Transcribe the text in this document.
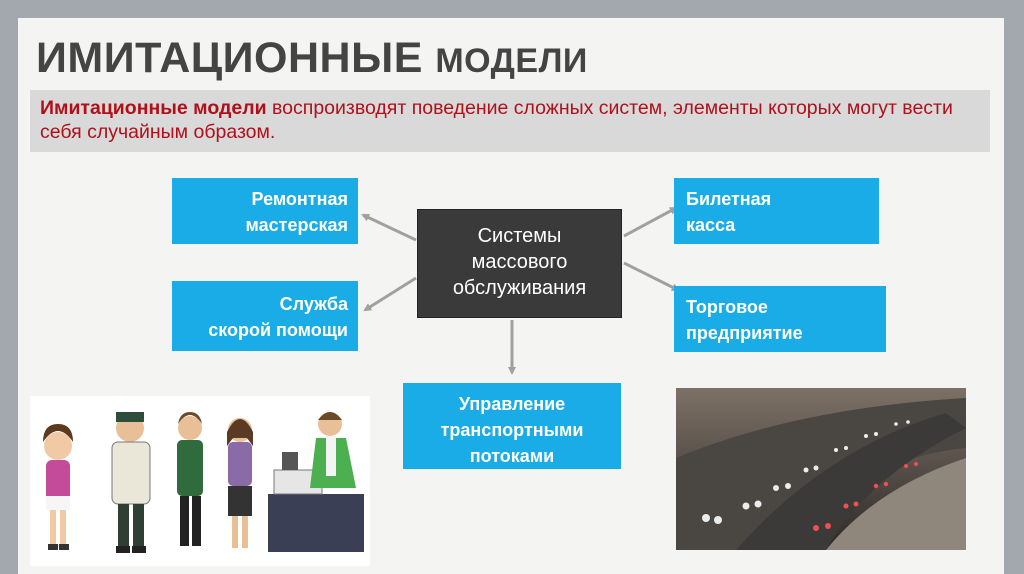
ИМИТАЦИОННЫЕ МОДЕЛИ

Имитационные модели воспроизводят поведение сложных систем, элементы которых могут вести себя случайным образом.

Системы
массового
обслуживания
Ремонтная
мастерская
Служба
скорой помощи
Билетная
касса
Торговое
предприятие
Управление
транспортными
потоками
